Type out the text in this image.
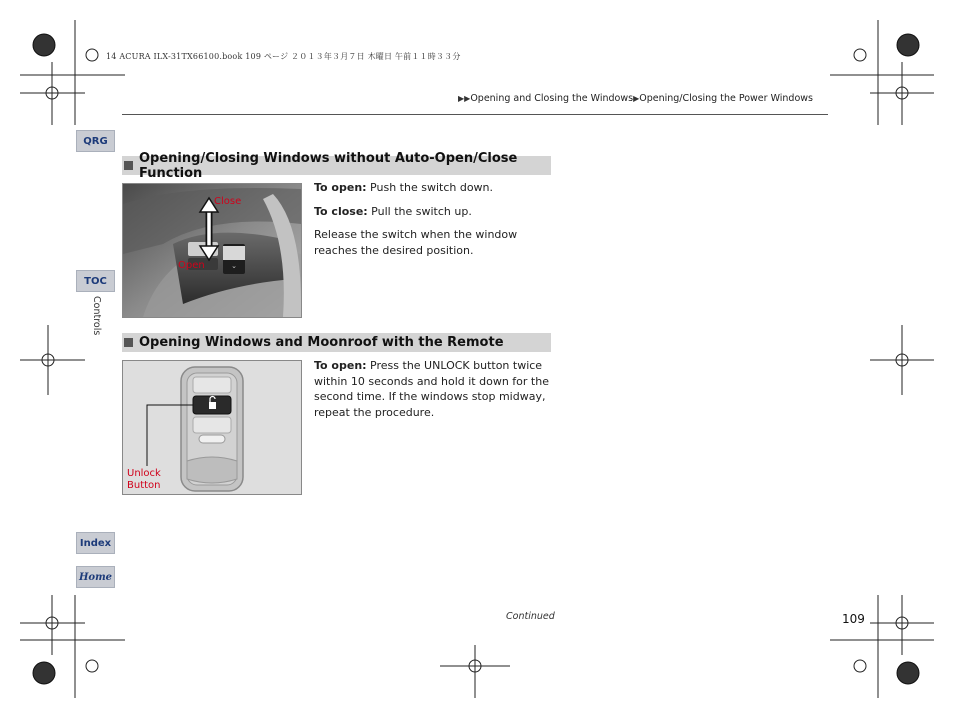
14 ACURA ILX-31TX66100.book 109 ページ ２０１３年３月７日 木曜日 午前１１時３３分
▶▶Opening and Closing the Windows▶Opening/Closing the Power Windows
QRG
TOC
Controls
Index
Home
Opening/Closing Windows without Auto-Open/Close Function
⌄
Close
Open

To open: Push the switch down.

To close: Pull the switch up.

Release the switch when the window reaches the desired position.

Opening Windows and Moonroof with the Remote
Unlock
Button

To open: Press the UNLOCK button twice within 10 seconds and hold it down for the second time. If the windows stop midway, repeat the procedure.

Continued	109
